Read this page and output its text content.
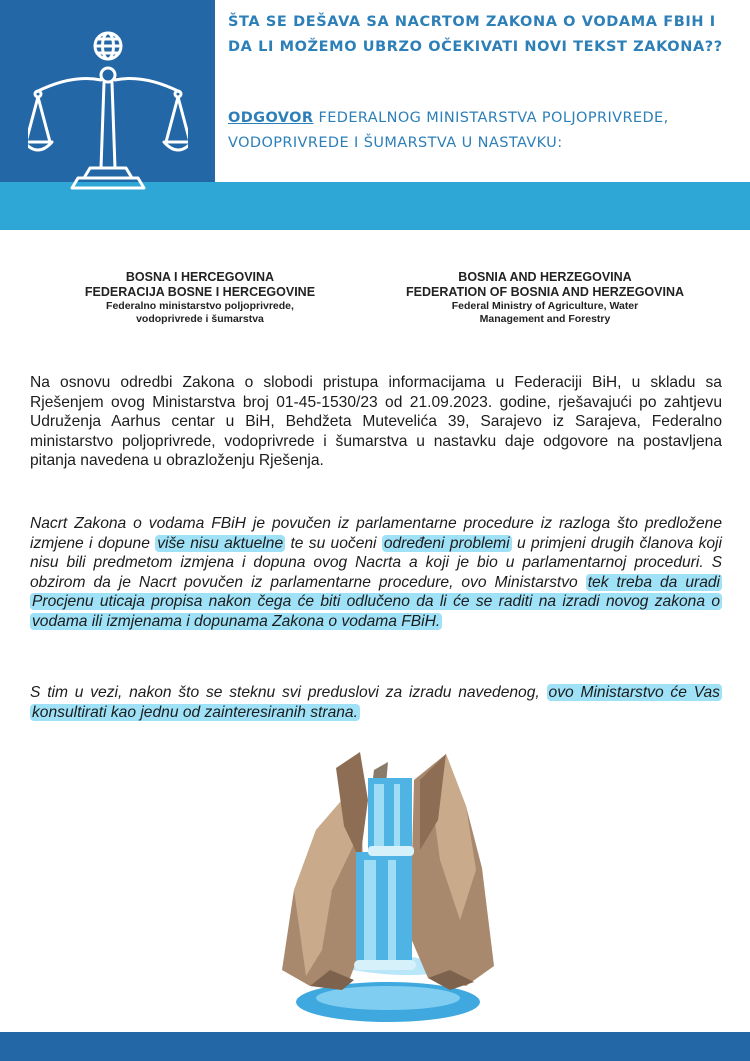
ŠTA SE DEŠAVA SA NACRTOM ZAKONA O VODAMA FBIH I DA LI MOŽEMO UBRZO OČEKIVATI NOVI TEKST ZAKONA??

ODGOVOR FEDERALNOG MINISTARSTVA POLJOPRIVREDE, VODOPRIVREDE I ŠUMARSTVA U NASTAVKU:

BOSNA I HERCEGOVINA
FEDERACIJA BOSNE I HERCEGOVINE
Federalno ministarstvo poljoprivrede,
vodoprivrede i šumarstva
BOSNIA AND HERZEGOVINA
FEDERATION OF BOSNIA AND HERZEGOVINA
Federal Ministry of Agriculture, Water
Management and Forestry

Na osnovu odredbi Zakona o slobodi pristupa informacijama u Federaciji BiH, u skladu sa Rješenjem ovog Ministarstva broj 01-45-1530/23 od 21.09.2023. godine, rješavajući po zahtjevu Udruženja Aarhus centar u BiH, Behdžeta Mutevelića 39, Sarajevo iz Sarajeva, Federalno ministarstvo poljoprivrede, vodoprivrede i šumarstva u nastavku daje odgovore na postavljena pitanja navedena u obrazloženju Rješenja.

Nacrt Zakona o vodama FBiH je povučen iz parlamentarne procedure iz razloga što predložene izmjene i dopune više nisu aktuelne te su uočeni određeni problemi u primjeni drugih članova koji nisu bili predmetom izmjena i dopuna ovog Nacrta a koji je bio u parlamentarnoj proceduri. S obzirom da je Nacrt povučen iz parlamentarne procedure, ovo Ministarstvo tek treba da uradi Procjenu uticaja propisa nakon čega će biti odlučeno da li će se raditi na izradi novog zakona o vodama ili izmjenama i dopunama Zakona o vodama FBiH.

S tim u vezi, nakon što se steknu svi preduslovi za izradu navedenog, ovo Ministarstvo će Vas konsultirati kao jednu od zainteresiranih strana.
